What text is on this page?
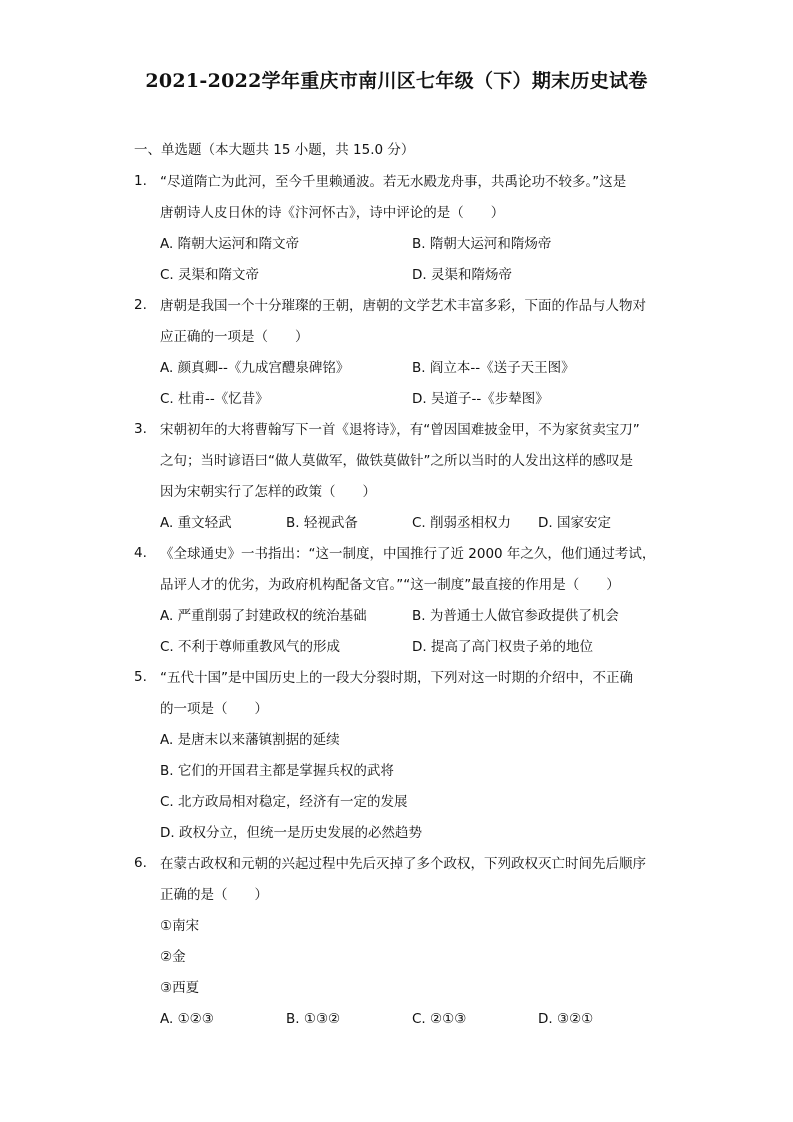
2021-2022学年重庆市南川区七年级（下）期末历史试卷
一、单选题（本大题共 15 小题，共 15.0 分）
1. “尽道隋亡为此河，至今千里赖通波。若无水殿龙舟事，共禹论功不较多。”这是
唐朝诗人皮日休的诗《汴河怀古》，诗中评论的是（　　）
A. 隋朝大运河和隋文帝	B. 隋朝大运河和隋炀帝
C. 灵渠和隋文帝	D. 灵渠和隋炀帝
2. 唐朝是我国一个十分璀璨的王朝，唐朝的文学艺术丰富多彩，下面的作品与人物对
应正确的一项是（　　）
A. 颜真卿--《九成宫醴泉碑铭》	B. 阎立本--《送子天王图》
C. 杜甫--《忆昔》	D. 吴道子--《步辇图》
3. 宋朝初年的大将曹翰写下一首《退将诗》，有“曾因国难披金甲，不为家贫卖宝刀”
之句；当时谚语曰“做人莫做军，做铁莫做针”之所以当时的人发出这样的感叹是
因为宋朝实行了怎样的政策（　　）
A. 重文轻武	B. 轻视武备	C. 削弱丞相权力	D. 国家安定
4. 《全球通史》一书指出：“这一制度，中国推行了近 2000 年之久，他们通过考试，
品评人才的优劣，为政府机构配备文官。”“这一制度”最直接的作用是（　　）
A. 严重削弱了封建政权的统治基础	B. 为普通士人做官参政提供了机会
C. 不利于尊师重教风气的形成	D. 提高了高门权贵子弟的地位
5. “五代十国”是中国历史上的一段大分裂时期，下列对这一时期的介绍中，不正确
的一项是（　　）
A. 是唐末以来藩镇割据的延续
B. 它们的开国君主都是掌握兵权的武将
C. 北方政局相对稳定，经济有一定的发展
D. 政权分立，但统一是历史发展的必然趋势
6. 在蒙古政权和元朝的兴起过程中先后灭掉了多个政权，下列政权灭亡时间先后顺序
正确的是（　　）
①南宋
②金
③西夏
A. ①②③	B. ①③②	C. ②①③	D. ③②①
